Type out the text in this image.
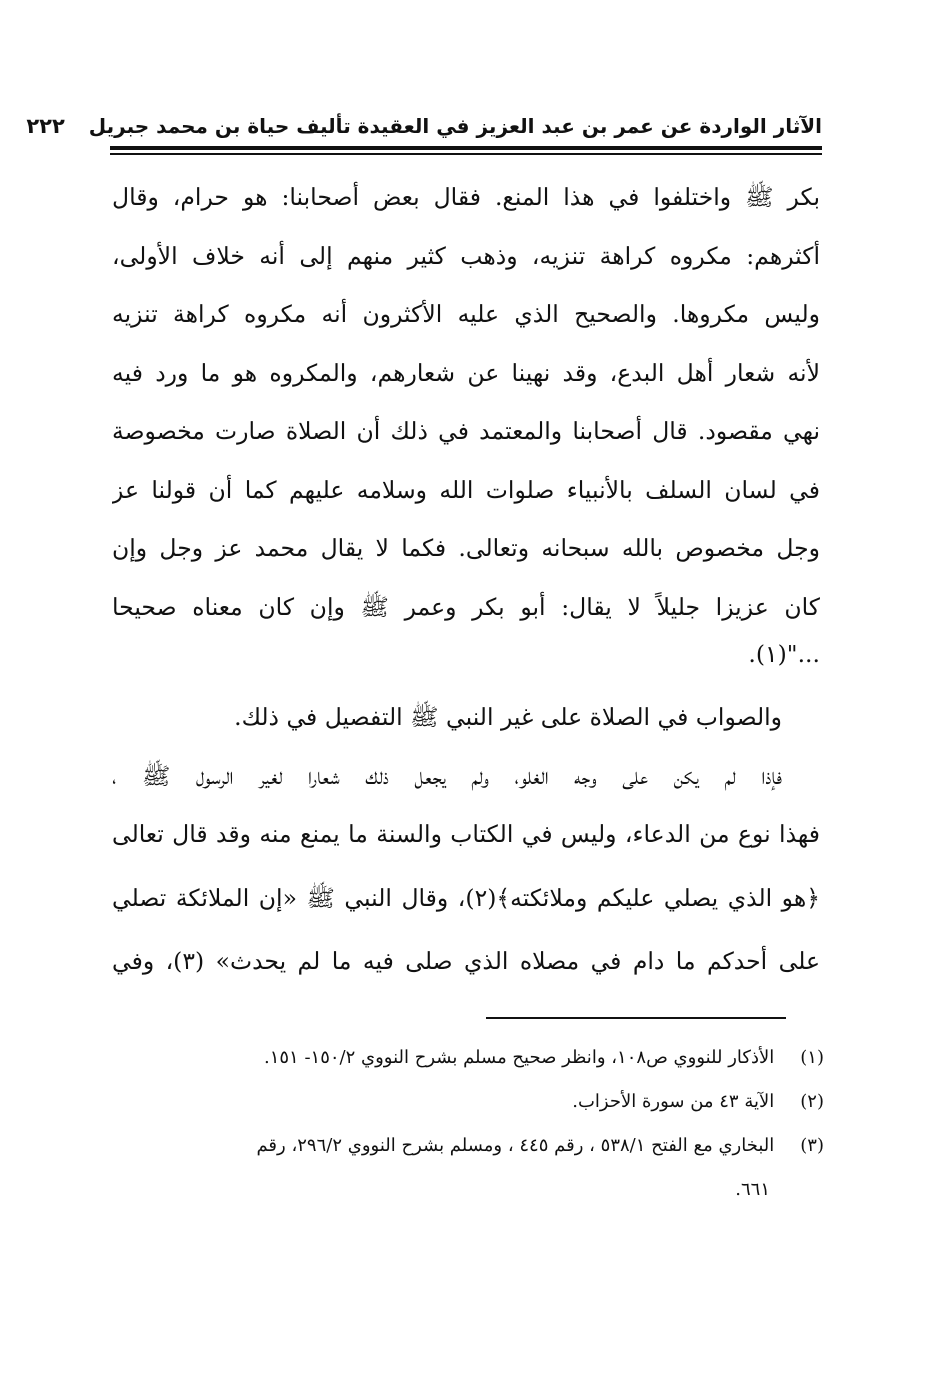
الآثار الواردة عن عمر بن عبد العزيز في العقيدة تأليف حياة بن محمد جبريل
٢٢٢
بكر ﷺ واختلفوا في هذا المنع. فقال بعض أصحابنا: هو حرام، وقال
أكثرهم: مكروه كراهة تنزيه، وذهب كثير منهم إلى أنه خلاف الأولى،
وليس مكروها. والصحيح الذي عليه الأكثرون أنه مكروه كراهة تنزيه
لأنه شعار أهل البدع، وقد نهينا عن شعارهم، والمكروه هو ما ورد فيه
نهي مقصود. قال أصحابنا والمعتمد في ذلك أن الصلاة صارت مخصوصة
في لسان السلف بالأنبياء صلوات الله وسلامه عليهم كما أن قولنا عز
وجل مخصوص بالله سبحانه وتعالى. فكما لا يقال محمد عز وجل وإن
كان عزيزا جليلاً لا يقال: أبو بكر وعمر ﷺ وإن كان معناه صحيحا
..."(١).
والصواب في الصلاة على غير النبي ﷺ التفصيل في ذلك.
فإذا لم يكن على وجه الغلو، ولم يجعل ذلك شعارا لغير الرسول ﷺ ،
فهذا نوع من الدعاء، وليس في الكتاب والسنة ما يمنع منه وقد قال تعالى
﴿هو الذي يصلي عليكم وملائكته﴾(٢)، وقال النبي ﷺ «إن الملائكة تصلي
على أحدكم ما دام في مصلاه الذي صلى فيه ما لم يحدث» (٣)، وفي
(١) الأذكار للنووي ص١٠٨، وانظر صحيح مسلم بشرح النووي ١٥٠/٢- ١٥١.
(٢) الآية ٤٣ من سورة الأحزاب.
(٣) البخاري مع الفتح ٥٣٨/١ ، رقم ٤٤٥ ، ومسلم بشرح النووي ٢٩٦/٢، رقم
٦٦١.
